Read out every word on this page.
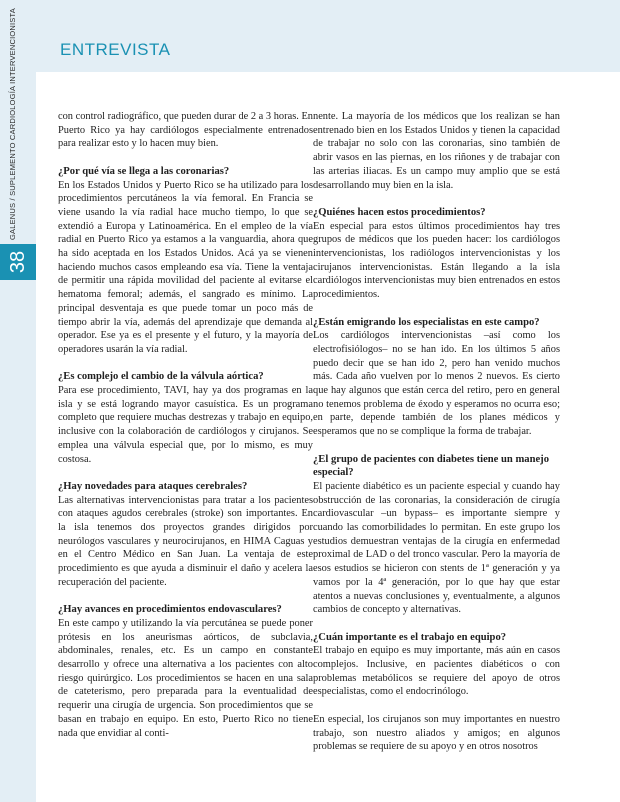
ENTREVISTA
GALENUS / SUPLEMENTO CARDIOLOGÍA INTERVENCIONISTA
38

con control radiográfico, que pueden durar de 2 a 3 horas. En Puerto Rico ya hay cardiólogos especialmente entrenados para realizar esto y lo hacen muy bien.

¿Por qué vía se llega a las coronarias?

En los Estados Unidos y Puerto Rico se ha utilizado para los procedimientos percutáneos la vía femoral. En Francia se viene usando la vía radial hace mucho tiempo, lo que se extendió a Europa y Latinoamérica. En el empleo de la vía radial en Puerto Rico ya estamos a la vanguardia, ahora que ha sido aceptada en los Estados Unidos. Acá ya se vienen haciendo muchos casos empleando esa vía. Tiene la ventaja de permitir una rápida movilidad del paciente al evitarse el hematoma femoral; además, el sangrado es mínimo. La principal desventaja es que puede tomar un poco más de tiempo abrir la vía, además del aprendizaje que demanda al operador. Ese ya es el presente y el futuro, y la mayoría de operadores usarán la vía radial.

¿Es complejo el cambio de la válvula aórtica?

Para ese procedimiento, TAVI, hay ya dos programas en la isla y se está logrando mayor casuística. Es un programa completo que requiere muchas destrezas y trabajo en equipo, inclusive con la colaboración de cardiólogos y cirujanos. Se emplea una válvula especial que, por lo mismo, es muy costosa.

¿Hay novedades para ataques cerebrales?

Las alternativas intervencionistas para tratar a los pacientes con ataques agudos cerebrales (stroke) son importantes. En la isla tenemos dos proyectos grandes dirigidos por neurólogos vasculares y neurocirujanos, en HIMA Caguas y en el Centro Médico en San Juan. La ventaja de este procedimiento es que ayuda a disminuir el daño y acelera la recuperación del paciente.

¿Hay avances en procedimientos endovasculares?

En este campo y utilizando la vía percutánea se puede poner prótesis en los aneurismas aórticos, de subclavia, abdominales, renales, etc. Es un campo en constante desarrollo y ofrece una alternativa a los pacientes con alto riesgo quirúrgico. Los procedimientos se hacen en una sala de cateterismo, pero preparada para la eventualidad de requerir una cirugía de urgencia. Son procedimientos que se basan en trabajo en equipo. En esto, Puerto Rico no tiene nada que envidiar al conti-

nente. La mayoría de los médicos que los realizan se han entrenado bien en los Estados Unidos y tienen la capacidad de trabajar no solo con las coronarias, sino también de abrir vasos en las piernas, en los riñones y de trabajar con las arterias iliacas. Es un campo muy amplio que se está desarrollando muy bien en la isla.

¿Quiénes hacen estos procedimientos?

En especial para estos últimos procedimientos hay tres grupos de médicos que los pueden hacer: los cardiólogos intervencionistas, los radiólogos intervencionistas y los cirujanos intervencionistas. Están llegando a la isla cardiólogos intervencionistas muy bien entrenados en estos procedimientos.

¿Están emigrando los especialistas en este campo?

Los cardiólogos intervencionistas –así como los electrofisiólogos– no se han ido. En los últimos 5 años puedo decir que se han ido 2, pero han venido muchos más. Cada año vuelven por lo menos 2 nuevos. Es cierto que hay algunos que están cerca del retiro, pero en general no tenemos problema de éxodo y esperamos no ocurra eso; en parte, depende también de los planes médicos y esperamos que no se complique la forma de trabajar.

¿El grupo de pacientes con diabetes tiene un manejo especial?

El paciente diabético es un paciente especial y cuando hay obstrucción de las coronarias, la consideración de cirugía cardiovascular –un bypass– es importante siempre y cuando las comorbilidades lo permitan. En este grupo los estudios demuestran ventajas de la cirugía en enfermedad proximal de LAD o del tronco vascular. Pero la mayoría de esos estudios se hicieron con stents de 1ª generación y ya vamos por la 4ª generación, por lo que hay que estar atentos a nuevas conclusiones y, eventualmente, a algunos cambios de concepto y alternativas.

¿Cuán importante es el trabajo en equipo?

El trabajo en equipo es muy importante, más aún en casos complejos. Inclusive, en pacientes diabéticos o con problemas metabólicos se requiere del apoyo de otros especialistas, como el endocrinólogo.

En especial, los cirujanos son muy importantes en nuestro trabajo, son nuestro aliados y amigos; en algunos problemas se requiere de su apoyo y en otros nosotros
